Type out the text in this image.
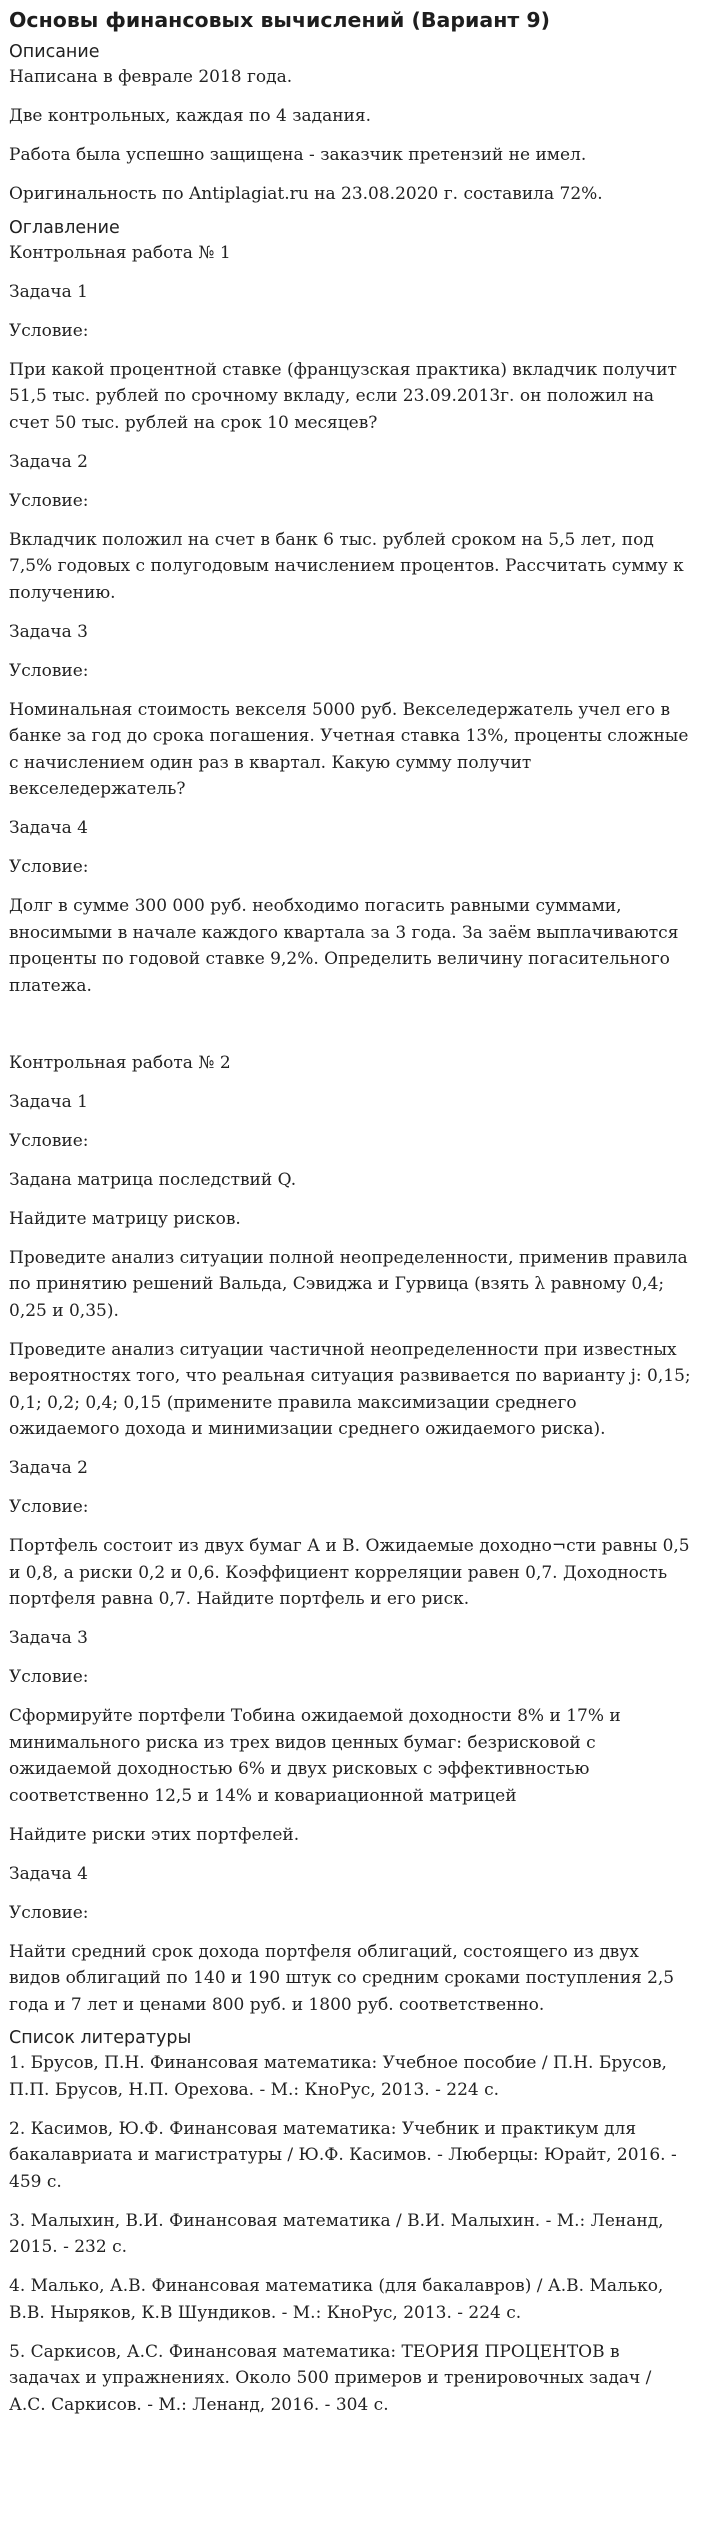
Основы финансовых вычислений (Вариант 9)
Описание

Написана в феврале 2018 года.

Две контрольных, каждая по 4 задания.

Работа была успешно защищена - заказчик претензий не имел.

Оригинальность по Antiplagiat.ru на 23.08.2020 г. составила 72%.

Оглавление

Контрольная работа № 1

Задача 1

Условие:

При какой процентной ставке (французская практика) вкладчик получит 51,5 тыс. рублей по срочному вкладу, если 23.09.2013г. он положил на счет 50 тыс. рублей на срок 10 месяцев?

Задача 2

Условие:

Вкладчик положил на счет в банк 6 тыс. рублей сроком на 5,5 лет, под 7,5% годовых с полугодовым начислением процентов. Рассчитать сумму к получению.

Задача 3

Условие:

Номинальная стоимость векселя 5000 руб. Векселедержатель учел его в банке за год до срока погашения. Учетная ставка 13%, проценты сложные с начислением один раз в квартал. Какую сумму получит векселедержатель?

Задача 4

Условие:

Долг в сумме 300 000 руб. необходимо погасить равными суммами, вносимыми в начале каждого квартала за 3 года. За заём выплачиваются проценты по годовой ставке 9,2%. Определить величину погасительного платежа.

Контрольная работа № 2

Задача 1

Условие:

Задана матрица последствий Q.

Найдите матрицу рисков.

Проведите анализ ситуации полной неопределенности, применив правила по принятию решений Вальда, Сэвиджа и Гурвица (взять λ равному 0,4; 0,25 и 0,35).

Проведите анализ ситуации частичной неопределенности при известных вероятностях того, что реальная ситуация развивается по варианту j: 0,15; 0,1; 0,2; 0,4; 0,15 (примените правила максимизации среднего ожидаемого дохода и минимизации среднего ожидаемого риска).

Задача 2

Условие:

Портфель состоит из двух бумаг А и В. Ожидаемые доходно¬сти равны 0,5 и 0,8, а риски 0,2 и 0,6. Коэффициент корреляции равен 0,7. Доходность портфеля равна 0,7. Найдите портфель и его риск.

Задача 3

Условие:

Сформируйте портфели Тобина ожидаемой доходности 8% и 17% и минимального риска из трех видов ценных бумаг: безрисковой с ожидаемой доходностью 6% и двух рисковых с эффективностью соответственно 12,5 и 14% и ковариационной матрицей

Найдите риски этих портфелей.

Задача 4

Условие:

Найти средний срок дохода портфеля облигаций, состоящего из двух видов облигаций по 140 и 190 штук со средним сроками поступления 2,5 года и 7 лет и ценами 800 руб. и 1800 руб. соответственно.

Список литературы

1. Брусов, П.Н. Финансовая математика: Учебное пособие / П.Н. Брусов, П.П. Брусов, Н.П. Орехова. - М.: КноРус, 2013. - 224 c.

2. Касимов, Ю.Ф. Финансовая математика: Учебник и практикум для бакалавриата и магистратуры / Ю.Ф. Касимов. - Люберцы: Юрайт, 2016. - 459 c.

3. Малыхин, В.И. Финансовая математика / В.И. Малыхин. - М.: Ленанд, 2015. - 232 c.

4. Малько, А.В. Финансовая математика (для бакалавров) / А.В. Малько, В.В. Ныряков, К.В Шундиков. - М.: КноРус, 2013. - 224 c.

5. Саркисов, А.С. Финансовая математика: ТЕОРИЯ ПРОЦЕНТОВ в задачах и упражнениях. Около 500 примеров и тренировочных задач / А.С. Саркисов. - М.: Ленанд, 2016. - 304 c.
